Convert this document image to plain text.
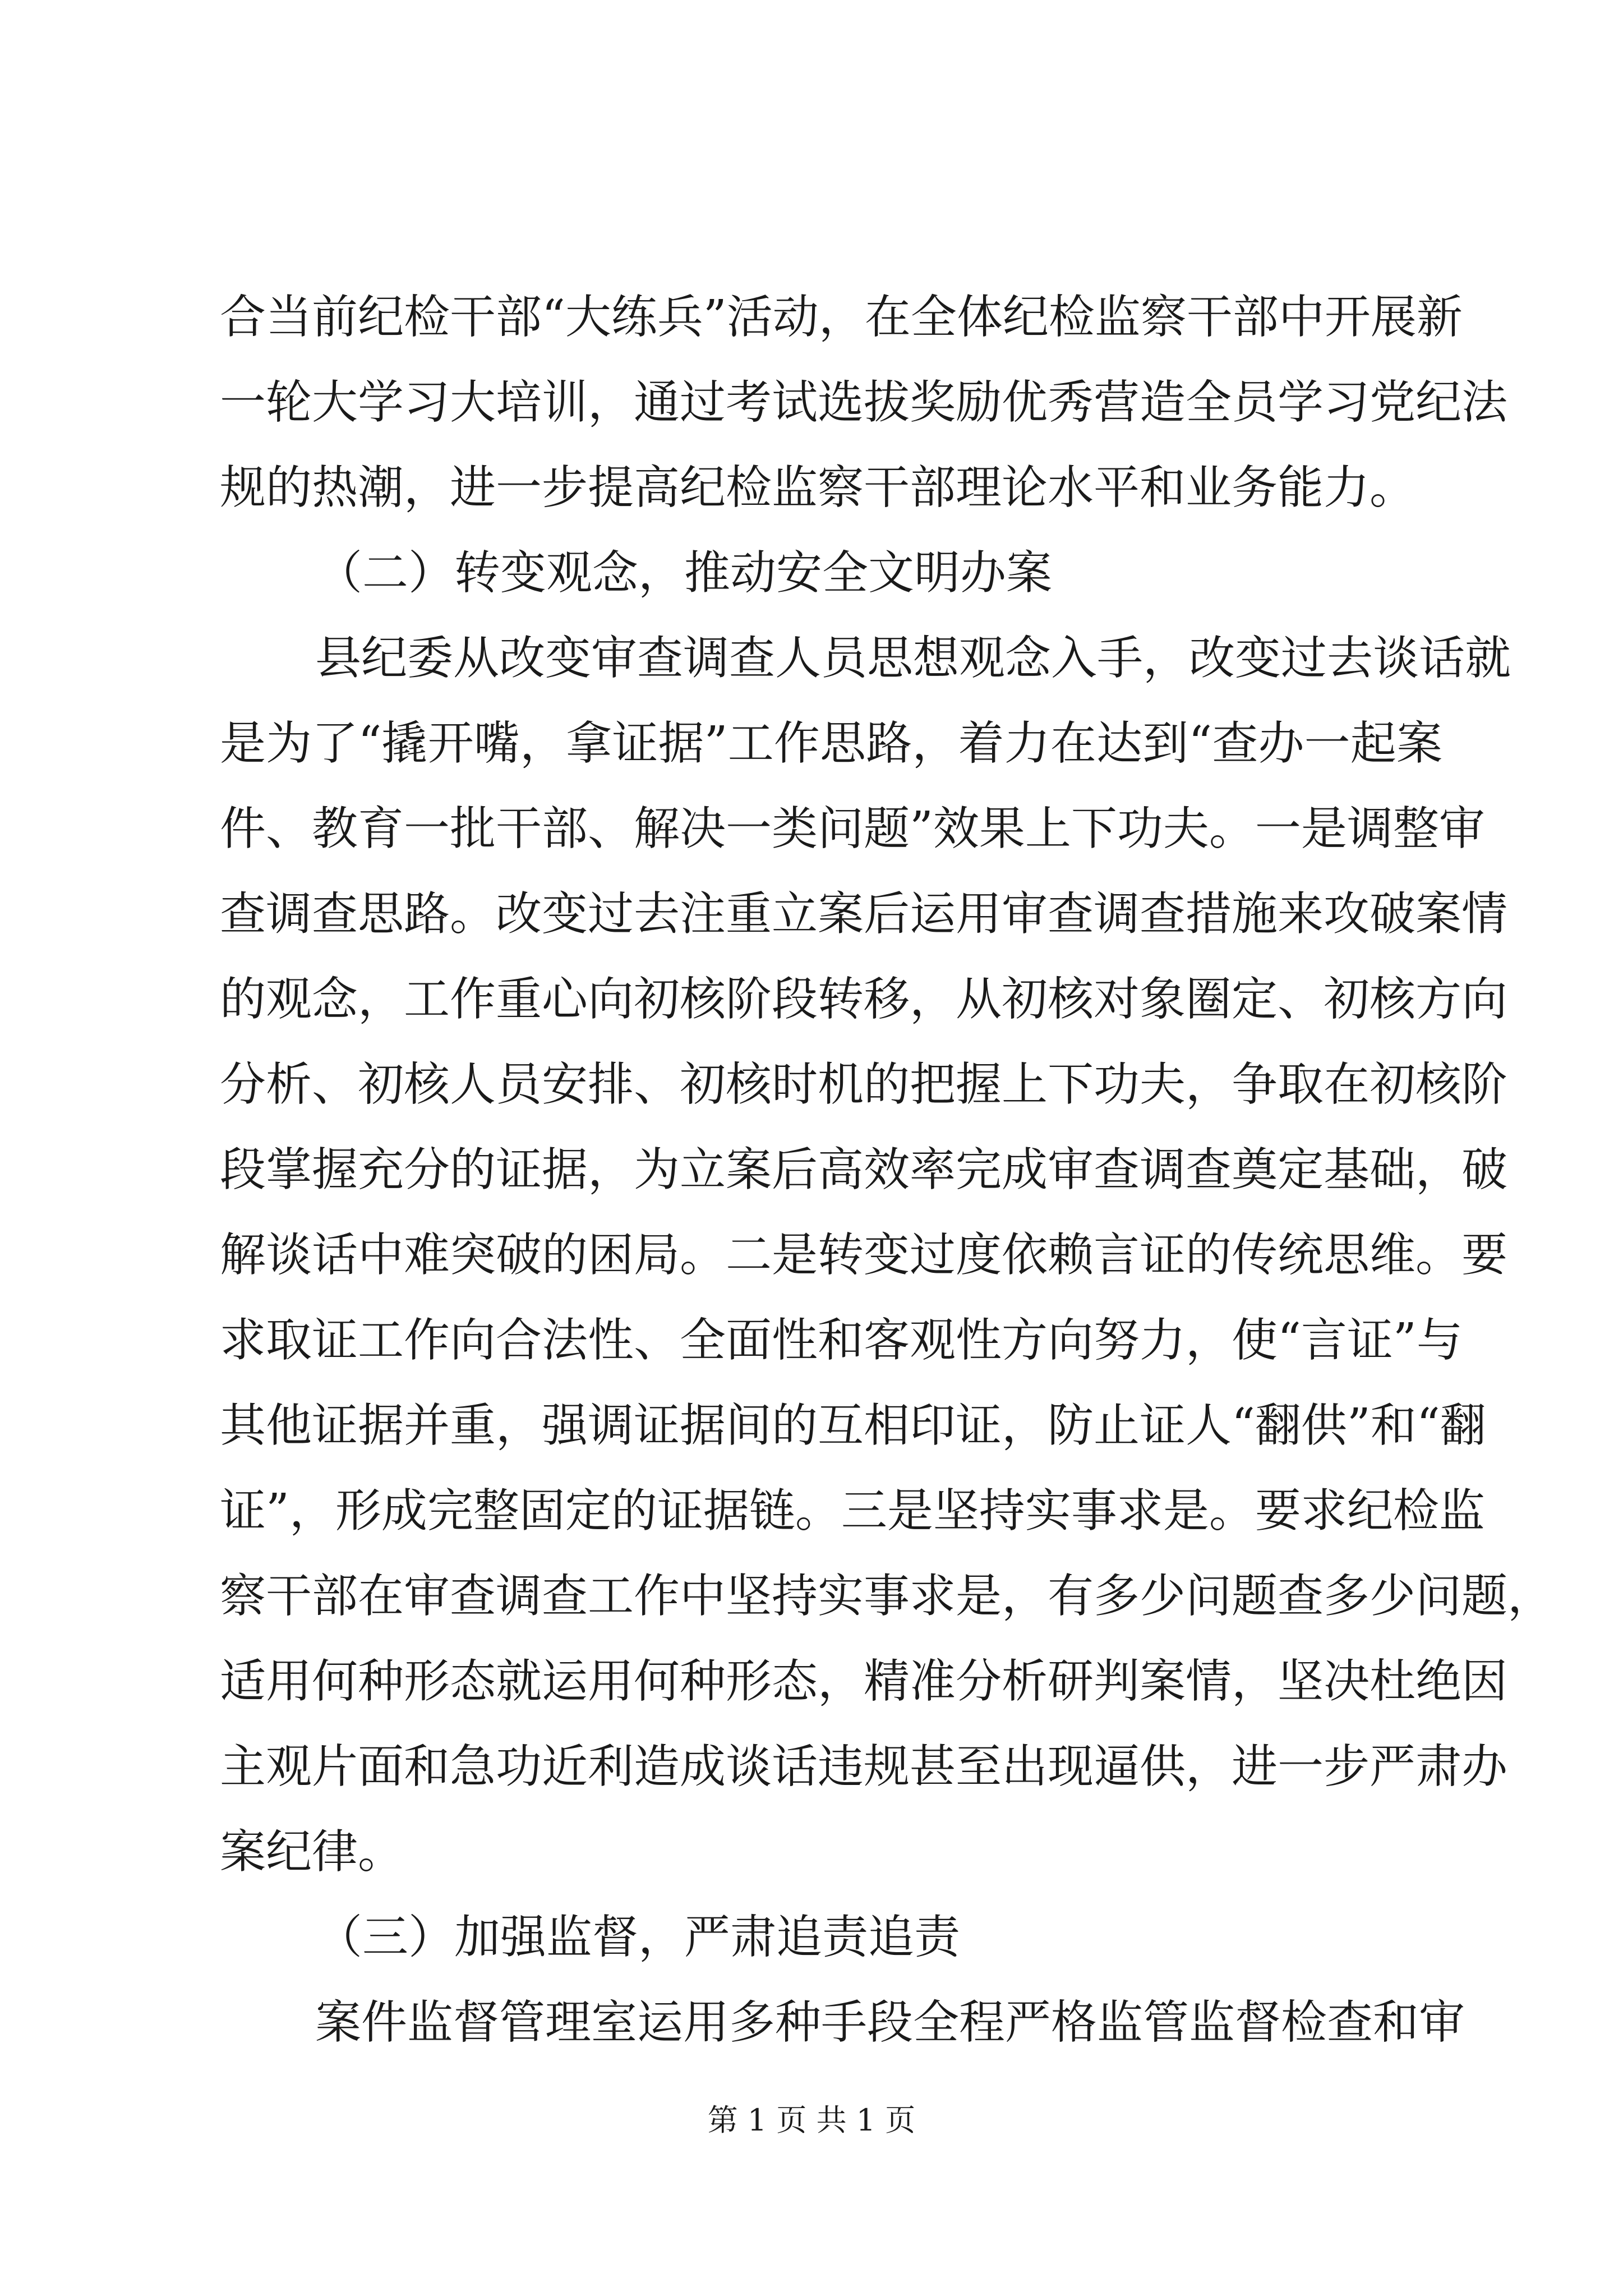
合当前纪检干部“大练兵”活动，在全体纪检监察干部中开展新
一轮大学习大培训，通过考试选拔奖励优秀营造全员学习党纪法
规的热潮，进一步提高纪检监察干部理论水平和业务能力。
（二）转变观念，推动安全文明办案
县纪委从改变审查调查人员思想观念入手，改变过去谈话就
是为了“撬开嘴，拿证据”工作思路，着力在达到“查办一起案
件、教育一批干部、解决一类问题”效果上下功夫。一是调整审
查调查思路。改变过去注重立案后运用审查调查措施来攻破案情
的观念，工作重心向初核阶段转移，从初核对象圈定、初核方向
分析、初核人员安排、初核时机的把握上下功夫，争取在初核阶
段掌握充分的证据，为立案后高效率完成审查调查奠定基础，破
解谈话中难突破的困局。二是转变过度依赖言证的传统思维。要
求取证工作向合法性、全面性和客观性方向努力，使“言证”与
其他证据并重，强调证据间的互相印证，防止证人“翻供”和“翻
证”，形成完整固定的证据链。三是坚持实事求是。要求纪检监
察干部在审查调查工作中坚持实事求是，有多少问题查多少问题，
适用何种形态就运用何种形态，精准分析研判案情，坚决杜绝因
主观片面和急功近利造成谈话违规甚至出现逼供，进一步严肃办
案纪律。
（三）加强监督，严肃追责追责
案件监督管理室运用多种手段全程严格监管监督检查和审
第 1 页 共 1 页
